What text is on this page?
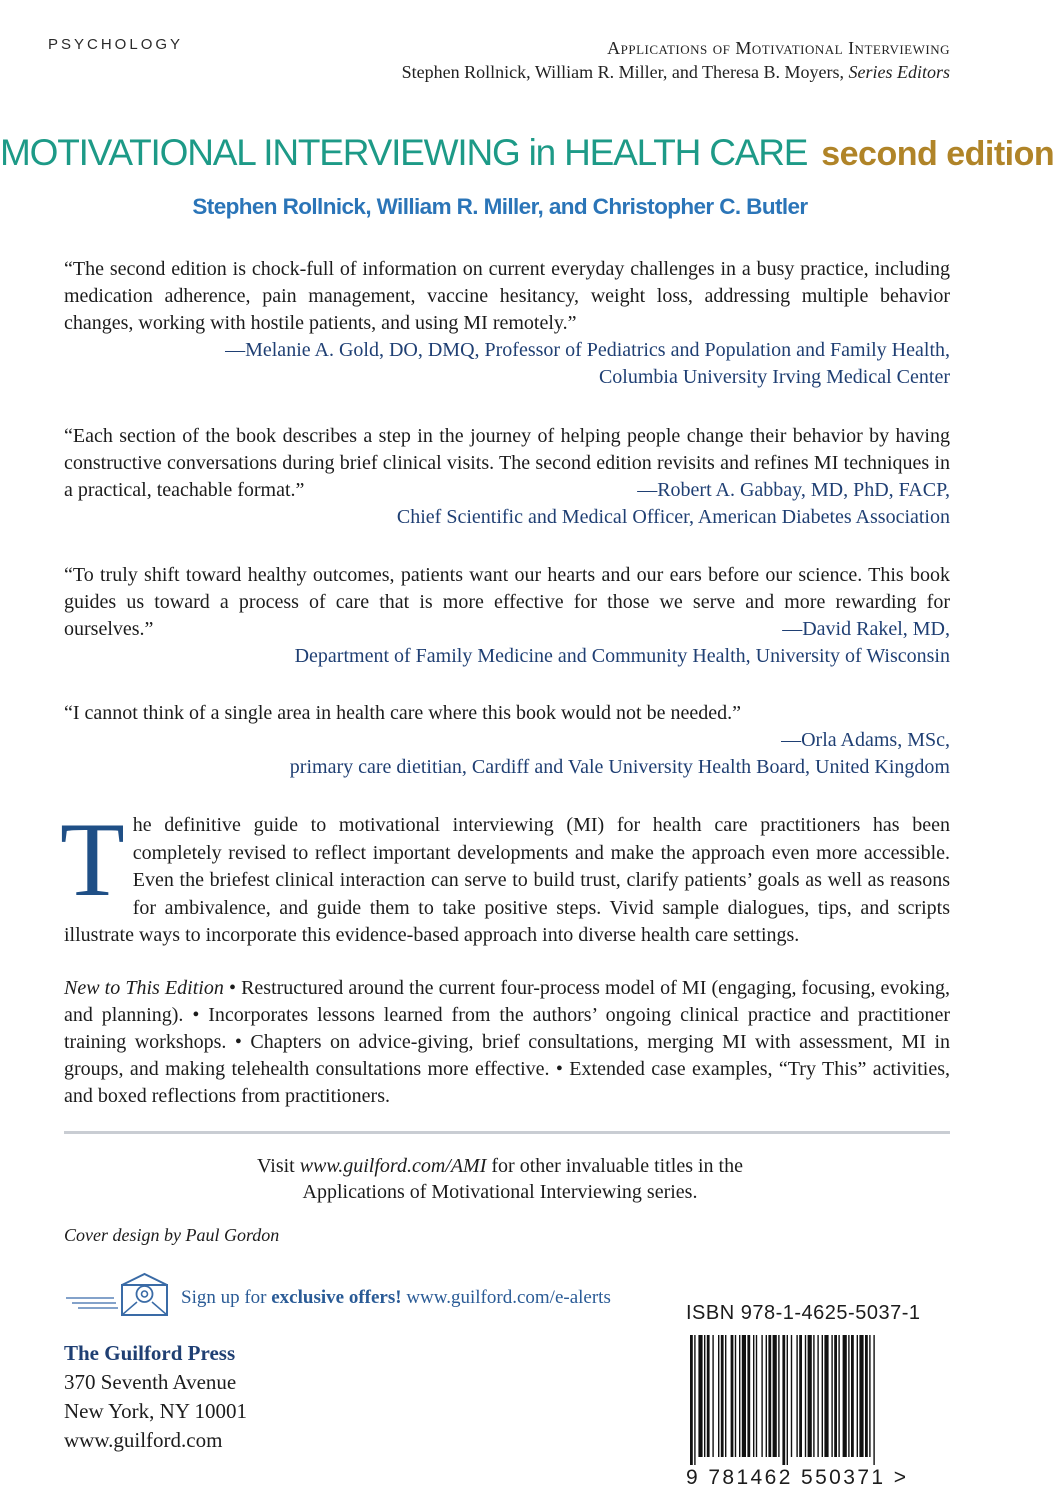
PSYCHOLOGY	Applications of Motivational Interviewing
Stephen Rollnick, William R. Miller, and Theresa B. Moyers, Series Editors
MOTIVATIONAL INTERVIEWING in HEALTH CARE second edition
Stephen Rollnick, William R. Miller, and Christopher C. Butler

“The second edition is chock-full of information on current everyday challenges in a busy practice, including medication adherence, pain management, vaccine hesitancy, weight loss, addressing multiple behavior changes, working with hostile patients, and using MI remotely.”

—Melanie A. Gold, DO, DMQ, Professor of Pediatrics and Population and Family Health,
Columbia University Irving Medical Center

“Each section of the book describes a step in the journey of helping people change their behavior by having constructive conversations during brief clinical visits. The second edition revisits and refines MI techniques in a practical, teachable format.”	—Robert A. Gabbay, MD, PhD, FACP,

Chief Scientific and Medical Officer, American Diabetes Association

“To truly shift toward healthy outcomes, patients want our hearts and our ears before our science. This book guides us toward a process of care that is more effective for those we serve and more rewarding for ourselves.”	—David Rakel, MD,
Department of Family Medicine and Community Health, University of Wisconsin

“I cannot think of a single area in health care where this book would not be needed.”

—Orla Adams, MSc,
primary care dietitian, Cardiff and Vale University Health Board, United Kingdom
The definitive guide to motivational interviewing (MI) for health care practitioners has been completely revised to reflect important developments and make the approach even more accessible. Even the briefest clinical interaction can serve to build trust, clarify patients’ goals as well as reasons for ambivalence, and guide them to take positive steps. Vivid sample dialogues, tips, and scripts illustrate ways to incorporate this evidence-based approach into diverse health care settings.
New to This Edition • Restructured around the current four-process model of MI (engaging, focusing, evoking, and planning). • Incorporates lessons learned from the authors’ ongoing clinical practice and practitioner training workshops. • Chapters on advice-giving, brief consultations, merging MI with assessment, MI in groups, and making telehealth consultations more effective. • Extended case examples, “Try This” activities, and boxed reflections from practitioners.
Visit www.guilford.com/AMI for other invaluable titles in the
Applications of Motivational Interviewing series.
Cover design by Paul Gordon
Sign up for exclusive offers! www.guilford.com/e-alerts
The Guilford Press
370 Seventh Avenue
New York, NY 10001
www.guilford.com
ISBN 978-1-4625-5037-1
9 781462 550371 >
